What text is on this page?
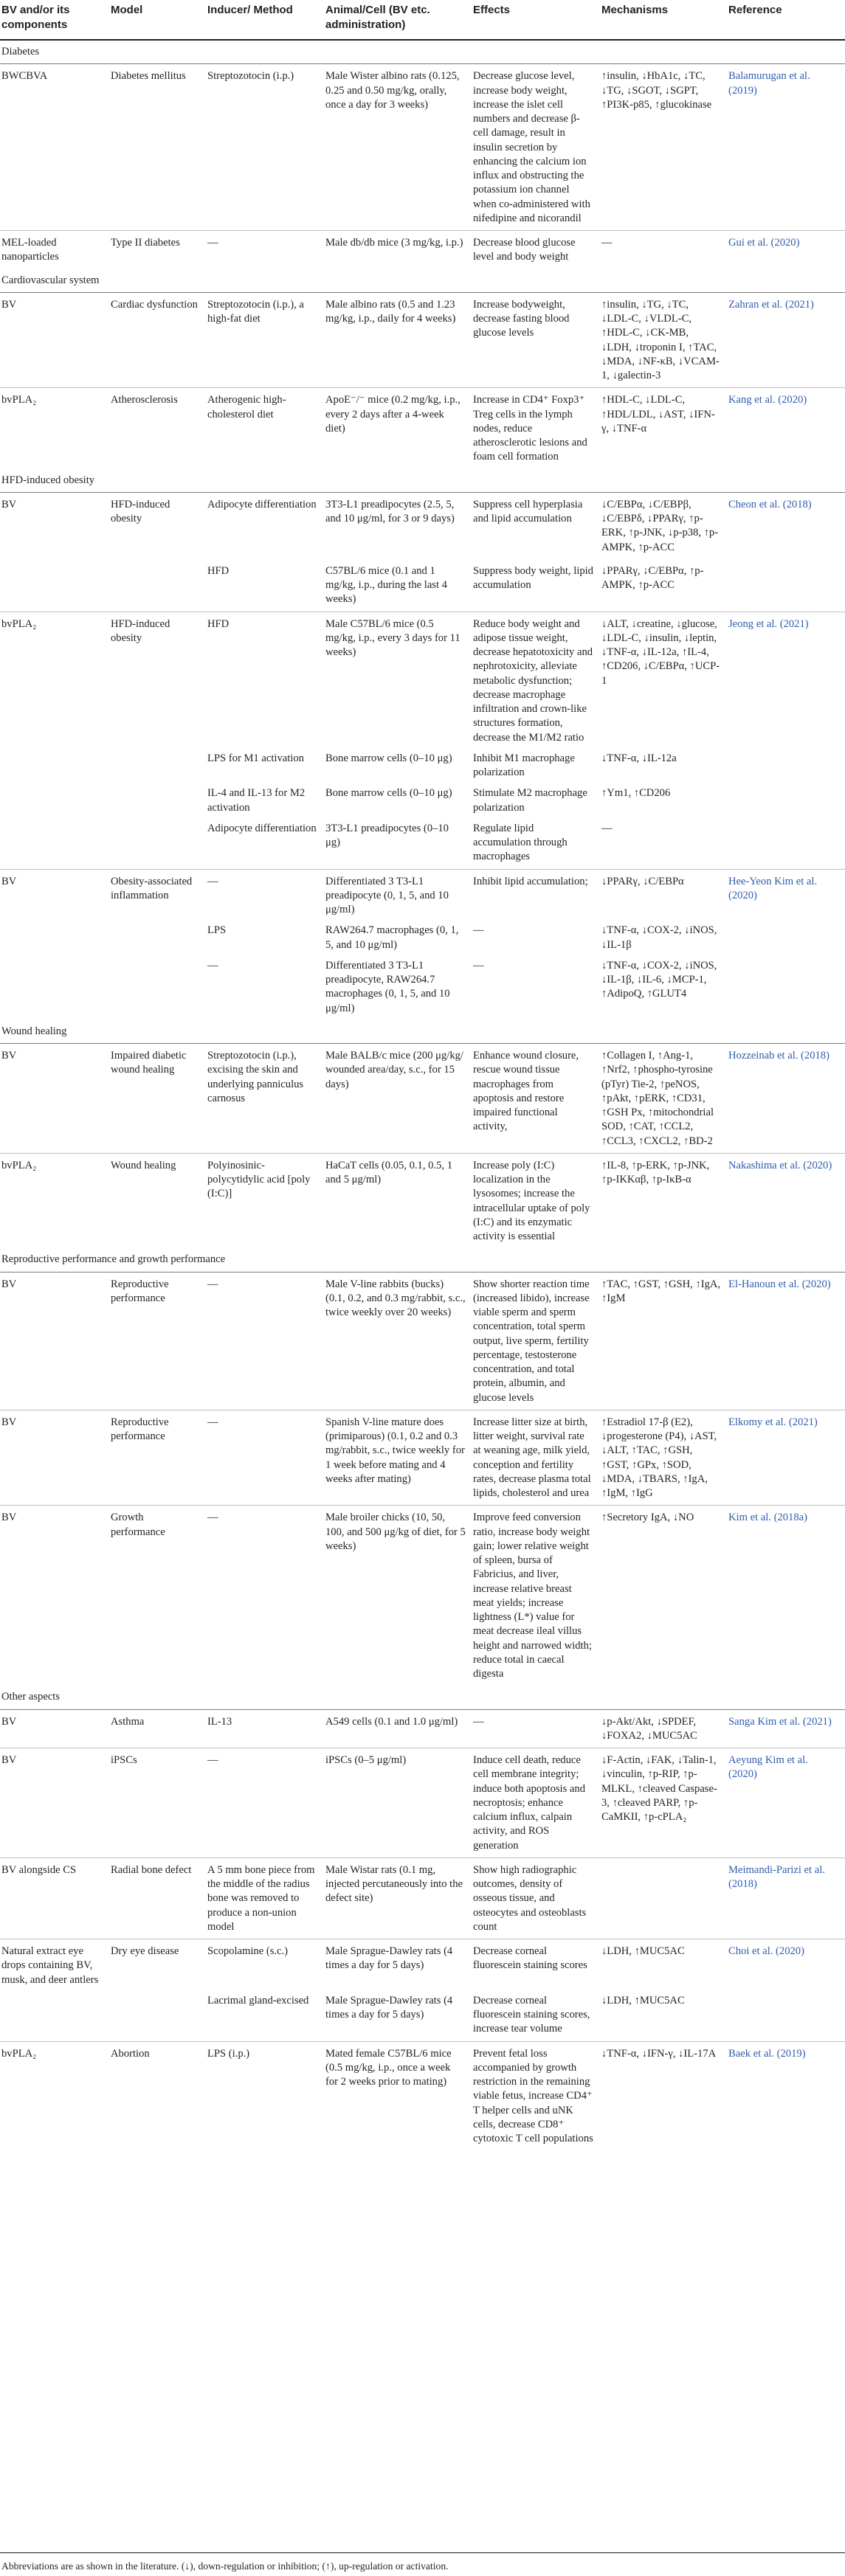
BV and/or its components	Model	Inducer/ Method	Animal/Cell (BV etc. administration)	Effects	Mechanisms	Reference
Diabetes						
BWCBVA	Diabetes mellitus	Streptozotocin (i.p.)	Male Wister albino rats (0.125, 0.25 and 0.50 mg/kg, orally, once a day for 3 weeks)	Decrease glucose level, increase body weight, increase the islet cell numbers and decrease β-cell damage, result in insulin secretion by enhancing the calcium ion influx and obstructing the potassium ion channel when co-administered with nifedipine and nicorandil	↑insulin, ↓HbA1c, ↓TC, ↓TG, ↓SGOT, ↓SGPT, ↑PI3K-p85, ↑glucokinase	Balamurugan et al. (2019)
MEL-loaded nanoparticles	Type II diabetes	—	Male db/db mice (3 mg/kg, i.p.)	Decrease blood glucose level and body weight	—	Gui et al. (2020)
Cardiovascular system						
BV	Cardiac dysfunction	Streptozotocin (i.p.), a high-fat diet	Male albino rats (0.5 and 1.23 mg/kg, i.p., daily for 4 weeks)	Increase bodyweight, decrease fasting blood glucose levels	↑insulin, ↓TG, ↓TC, ↓LDL-C, ↓VLDL-C, ↑HDL-C, ↓CK-MB, ↓LDH, ↓troponin I, ↑TAC, ↓MDA, ↓NF-κB, ↓VCAM-1, ↓galectin-3	Zahran et al. (2021)
bvPLA₂	Atherosclerosis	Atherogenic high-cholesterol diet	ApoE⁻/⁻ mice (0.2 mg/kg, i.p., every 2 days after a 4-week diet)	Increase in CD4⁺ Foxp3⁺ Treg cells in the lymph nodes, reduce atherosclerotic lesions and foam cell formation	↑HDL-C, ↓LDL-C, ↑HDL/LDL, ↓AST, ↓IFN-γ, ↓TNF-α	Kang et al. (2020)
HFD-induced obesity						
BV	HFD-induced obesity	Adipocyte differentiation	3T3-L1 preadipocytes (2.5, 5, and 10 μg/ml, for 3 or 9 days)	Suppress cell hyperplasia and lipid accumulation	↓C/EBPα, ↓C/EBPβ, ↓C/EBPδ, ↓PPARγ, ↑p-ERK, ↑p-JNK, ↓p-p38, ↑p-AMPK, ↑p-ACC	Cheon et al. (2018)
		HFD	C57BL/6 mice (0.1 and 1 mg/kg, i.p., during the last 4 weeks)	Suppress body weight, lipid accumulation	↓PPARγ, ↓C/EBPα, ↑p-AMPK, ↑p-ACC	
bvPLA₂	HFD-induced obesity	HFD	Male C57BL/6 mice (0.5 mg/kg, i.p., every 3 days for 11 weeks)	Reduce body weight and adipose tissue weight, decrease hepatotoxicity and nephrotoxicity, alleviate metabolic dysfunction; decrease macrophage infiltration and crown-like structures formation, decrease the M1/M2 ratio	↓ALT, ↓creatine, ↓glucose, ↓LDL-C, ↓insulin, ↓leptin, ↓TNF-α, ↓IL-12a, ↑IL-4, ↑CD206, ↓C/EBPα, ↑UCP-1	Jeong et al. (2021)
		LPS for M1 activation	Bone marrow cells (0–10 μg)	Inhibit M1 macrophage polarization	↓TNF-α, ↓IL-12a	
		IL-4 and IL-13 for M2 activation	Bone marrow cells (0–10 μg)	Stimulate M2 macrophage polarization	↑Ym1, ↑CD206	
		Adipocyte differentiation	3T3-L1 preadipocytes (0–10 μg)	Regulate lipid accumulation through macrophages	—	
BV	Obesity-associated inflammation	—	Differentiated 3 T3-L1 preadipocyte (0, 1, 5, and 10 μg/ml)	Inhibit lipid accumulation;	↓PPARγ, ↓C/EBPα	Hee-Yeon Kim et al. (2020)
		LPS	RAW264.7 macrophages (0, 1, 5, and 10 μg/ml)	—	↓TNF-α, ↓COX-2, ↓iNOS, ↓IL-1β	
		—	Differentiated 3 T3-L1 preadipocyte, RAW264.7 macrophages (0, 1, 5, and 10 μg/ml)	—	↓TNF-α, ↓COX-2, ↓iNOS, ↓IL-1β, ↓IL-6, ↓MCP-1, ↑AdipoQ, ↑GLUT4	
Wound healing						
BV	Impaired diabetic wound healing	Streptozotocin (i.p.), excising the skin and underlying panniculus carnosus	Male BALB/c mice (200 μg/kg/ wounded area/day, s.c., for 15 days)	Enhance wound closure, rescue wound tissue macrophages from apoptosis and restore impaired functional activity,	↑Collagen I, ↑Ang-1, ↑Nrf2, ↑phospho-tyrosine (pTyr) Tie-2, ↑peNOS, ↑pAkt, ↑pERK, ↑CD31, ↑GSH Px, ↑mitochondrial SOD, ↑CAT, ↑CCL2, ↑CCL3, ↑CXCL2, ↑BD-2	Hozzeinab et al. (2018)
bvPLA₂	Wound healing	Polyinosinic-polycytidylic acid [poly (I:C)]	HaCaT cells (0.05, 0.1, 0.5, 1 and 5 μg/ml)	Increase poly (I:C) localization in the lysosomes; increase the intracellular uptake of poly (I:C) and its enzymatic activity is essential	↑IL-8, ↑p-ERK, ↑p-JNK, ↑p-IKKαβ, ↑p-IκB-α	Nakashima et al. (2020)
Reproductive performance and growth performance						
BV	Reproductive performance	—	Male V-line rabbits (bucks) (0.1, 0.2, and 0.3 mg/rabbit, s.c., twice weekly over 20 weeks)	Show shorter reaction time (increased libido), increase viable sperm and sperm concentration, total sperm output, live sperm, fertility percentage, testosterone concentration, and total protein, albumin, and glucose levels	↑TAC, ↑GST, ↑GSH, ↑IgA, ↑IgM	El-Hanoun et al. (2020)
BV	Reproductive performance	—	Spanish V-line mature does (primiparous) (0.1, 0.2 and 0.3 mg/rabbit, s.c., twice weekly for 1 week before mating and 4 weeks after mating)	Increase litter size at birth, litter weight, survival rate at weaning age, milk yield, conception and fertility rates, decrease plasma total lipids, cholesterol and urea	↑Estradiol 17-β (E2), ↓progesterone (P4), ↓AST, ↓ALT, ↑TAC, ↑GSH, ↑GST, ↑GPx, ↑SOD, ↓MDA, ↓TBARS, ↑IgA, ↑IgM, ↑IgG	Elkomy et al. (2021)
BV	Growth performance	—	Male broiler chicks (10, 50, 100, and 500 μg/kg of diet, for 5 weeks)	Improve feed conversion ratio, increase body weight gain; lower relative weight of spleen, bursa of Fabricius, and liver, increase relative breast meat yields; increase lightness (L*) value for meat decrease ileal villus height and narrowed width; reduce total in caecal digesta	↑Secretory IgA, ↓NO	Kim et al. (2018a)
Other aspects						
BV	Asthma	IL-13	A549 cells (0.1 and 1.0 μg/ml)	—	↓p-Akt/Akt, ↓SPDEF, ↓FOXA2, ↓MUC5AC	Sanga Kim et al. (2021)
BV	iPSCs	—	iPSCs (0–5 μg/ml)	Induce cell death, reduce cell membrane integrity; induce both apoptosis and necroptosis; enhance calcium influx, calpain activity, and ROS generation	↓F-Actin, ↓FAK, ↓Talin-1, ↓vinculin, ↑p-RIP, ↑p-MLKL, ↑cleaved Caspase-3, ↑cleaved PARP, ↑p-CaMKII, ↑p-cPLA₂	Aeyung Kim et al. (2020)
BV alongside CS	Radial bone defect	A 5 mm bone piece from the middle of the radius bone was removed to produce a non-union model	Male Wistar rats (0.1 mg, injected percutaneously into the defect site)	Show high radiographic outcomes, density of osseous tissue, and osteocytes and osteoblasts count		Meimandi-Parizi et al. (2018)
Natural extract eye drops containing BV, musk, and deer antlers	Dry eye disease	Scopolamine (s.c.)	Male Sprague-Dawley rats (4 times a day for 5 days)	Decrease corneal fluorescein staining scores	↓LDH, ↑MUC5AC	Choi et al. (2020)
		Lacrimal gland-excised	Male Sprague-Dawley rats (4 times a day for 5 days)	Decrease corneal fluorescein staining scores, increase tear volume	↓LDH, ↑MUC5AC	
bvPLA₂	Abortion	LPS (i.p.)	Mated female C57BL/6 mice (0.5 mg/kg, i.p., once a week for 2 weeks prior to mating)	Prevent fetal loss accompanied by growth restriction in the remaining viable fetus, increase CD4⁺ T helper cells and uNK cells, decrease CD8⁺ cytotoxic T cell populations	↓TNF-α, ↓IFN-γ, ↓IL-17A	Baek et al. (2019)
Abbreviations are as shown in the literature. (↓), down-regulation or inhibition; (↑), up-regulation or activation.
